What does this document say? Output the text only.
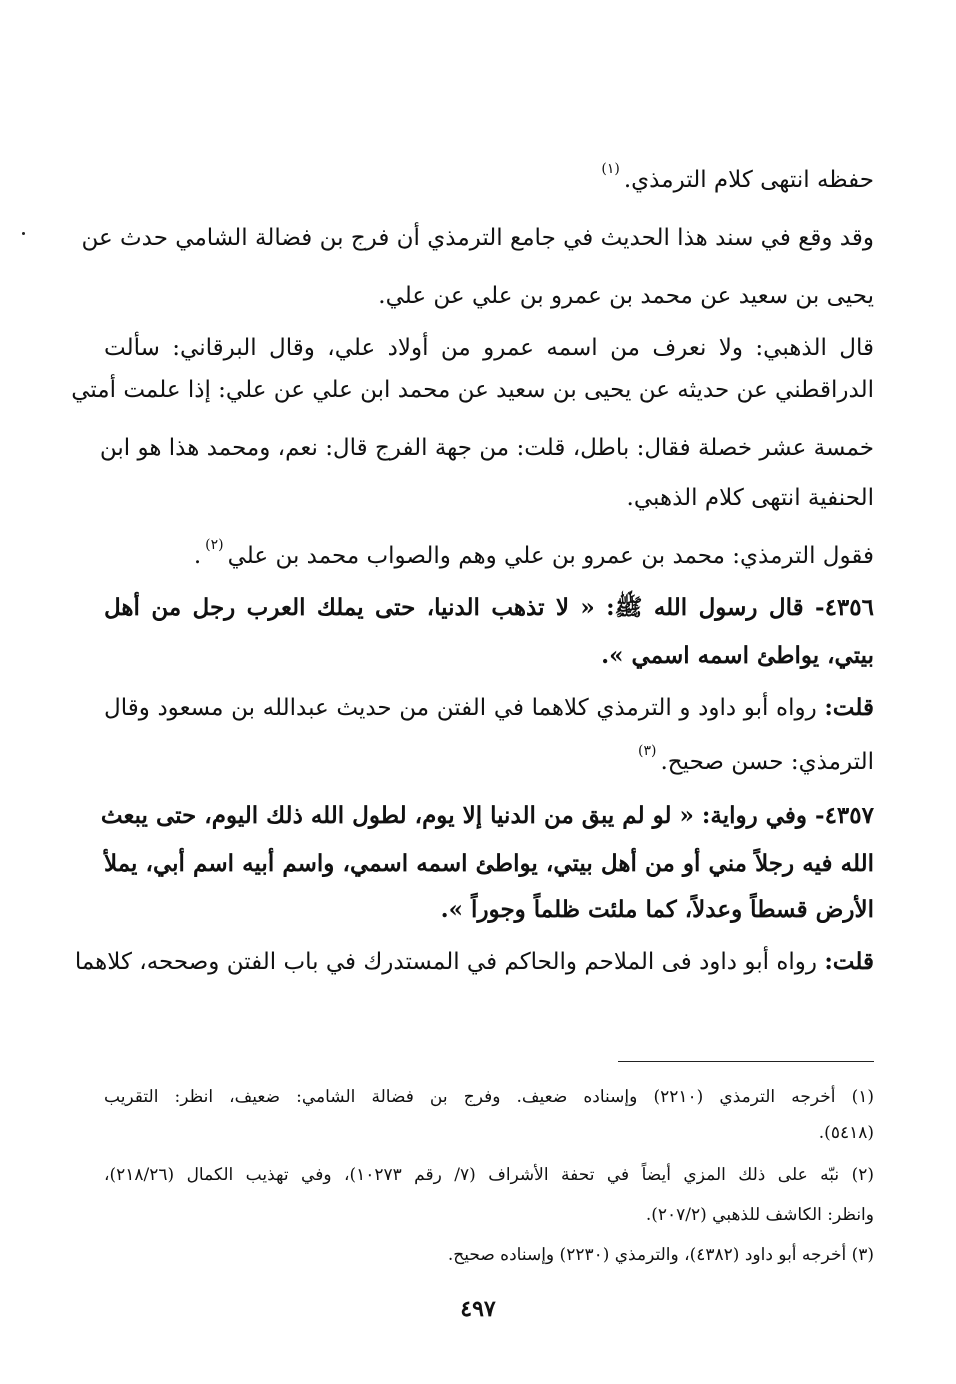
حفظه انتهى كلام الترمذي.$^{(١)}$
وقد وقع في سند هذا الحديث في جامع الترمذي أن فرج بن فضالة الشامي حدث عن
يحيى بن سعيد عن محمد بن عمرو بن علي عن علي.
قال الذهبي: ولا نعرف من اسمه عمرو من أولاد علي، وقال البرقاني: سألت
الدراقطني عن حديثه عن يحيى بن سعيد عن محمد ابن علي عن علي: إذا علمت أمتي
خمسة عشر خصلة فقال: باطل، قلت: من جهة الفرج قال: نعم، ومحمد هذا هو ابن
الحنفية انتهى كلام الذهبي.
فقول الترمذي: محمد بن عمرو بن علي وهم والصواب محمد بن علي$^{(٢)}$.
٤٣٥٦- قال رسول الله ﷺ: « لا تذهب الدنيا، حتى يملك العرب رجل من أهل
بيتي، يواطئ اسمه اسمي ».
قلت: رواه أبو داود و الترمذي كلاهما في الفتن من حديث عبدالله بن مسعود وقال
الترمذي: حسن صحيح.$^{(٣)}$
٤٣٥٧- وفي رواية: « لو لم يبق من الدنيا إلا يوم، لطول الله ذلك اليوم، حتى يبعث
الله فيه رجلاً مني أو من أهل بيتي، يواطئ اسمه اسمي، واسم أبيه اسم أبي، يملأ
الأرض قسطاً وعدلاً، كما ملئت ظلماً وجوراً ».
قلت: رواه أبو داود فى الملاحم والحاكم في المستدرك في باب الفتن وصححه، كلاهما
(١) أخرجه الترمذي (٢٢١٠) وإسناده ضعيف. وفرج بن فضالة الشامي: ضعيف، انظر: التقريب
(٥٤١٨).
(٢) نبّه على ذلك المزي أيضاً في تحفة الأشراف (٧/ رقم ١٠٢٧٣)، وفي تهذيب الكمال (٢١٨/٢٦)،
وانظر: الكاشف للذهبي (٢٠٧/٢).
(٣) أخرجه أبو داود (٤٣٨٢)، والترمذي (٢٢٣٠) وإسناده صحيح.
٤٩٧
